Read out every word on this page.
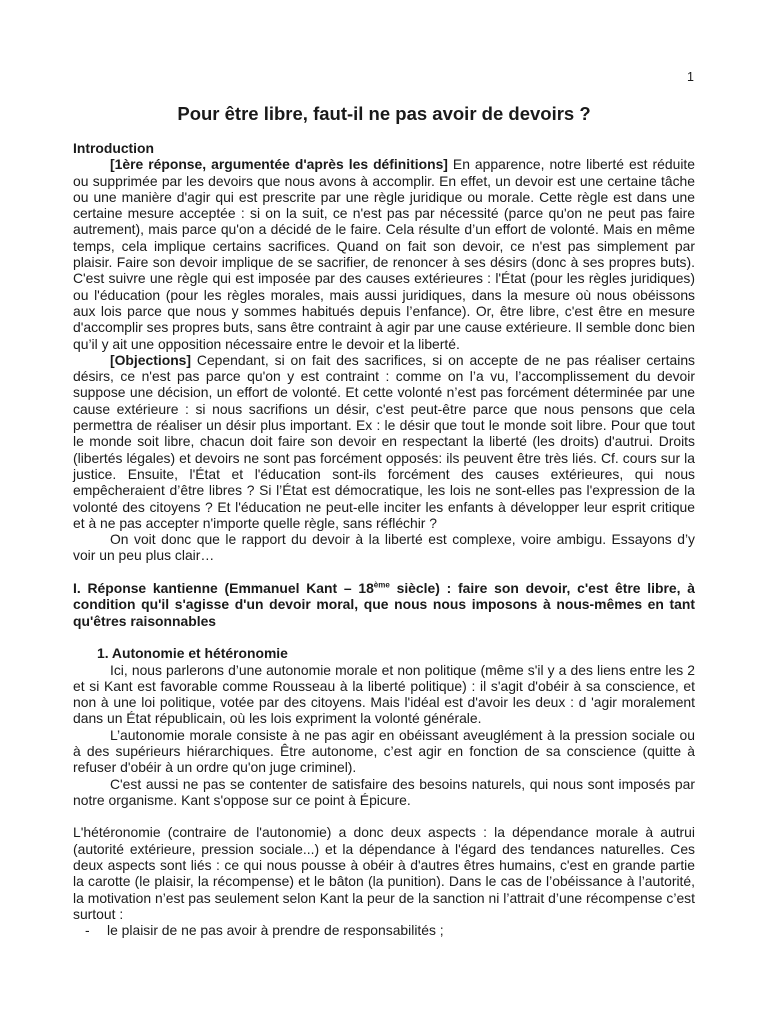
1
Pour être libre, faut-il ne pas avoir de devoirs ?

Introduction

[1ère réponse, argumentée d'après les définitions] En apparence, notre liberté est réduite ou supprimée par les devoirs que nous avons à accomplir. En effet, un devoir est une certaine tâche ou une manière d'agir qui est prescrite par une règle juridique ou morale. Cette règle est dans une certaine mesure acceptée : si on la suit, ce n'est pas par nécessité (parce qu'on ne peut pas faire autrement), mais parce qu'on a décidé de le faire. Cela résulte d’un effort de volonté. Mais en même temps, cela implique certains sacrifices. Quand on fait son devoir, ce n'est pas simplement par plaisir. Faire son devoir implique de se sacrifier, de renoncer à ses désirs (donc à ses propres buts). C'est suivre une règle qui est imposée par des causes extérieures : l'État (pour les règles juridiques) ou l'éducation (pour les règles morales, mais aussi juridiques, dans la mesure où nous obéissons aux lois parce que nous y sommes habitués depuis l’enfance). Or, être libre, c'est être en mesure d'accomplir ses propres buts, sans être contraint à agir par une cause extérieure. Il semble donc bien qu’il y ait une opposition nécessaire entre le devoir et la liberté.

[Objections] Cependant, si on fait des sacrifices, si on accepte de ne pas réaliser certains désirs, ce n'est pas parce qu'on y est contraint : comme on l’a vu, l’accomplissement du devoir suppose une décision, un effort de volonté. Et cette volonté n’est pas forcément déterminée par une cause extérieure : si nous sacrifions un désir, c'est peut-être parce que nous pensons que cela permettra de réaliser un désir plus important. Ex : le désir que tout le monde soit libre. Pour que tout le monde soit libre, chacun doit faire son devoir en respectant la liberté (les droits) d'autrui. Droits (libertés légales) et devoirs ne sont pas forcément opposés: ils peuvent être très liés. Cf. cours sur la justice. Ensuite, l'État et l'éducation sont-ils forcément des causes extérieures, qui nous empêcheraient d’être libres ? Si l’État est démocratique, les lois ne sont-elles pas l'expression de la volonté des citoyens ? Et l'éducation ne peut-elle inciter les enfants à développer leur esprit critique et à ne pas accepter n'importe quelle règle, sans réfléchir ?

On voit donc que le rapport du devoir à la liberté est complexe, voire ambigu. Essayons d’y voir un peu plus clair…

I. Réponse kantienne (Emmanuel Kant – 18ème siècle) : faire son devoir, c'est être libre, à condition qu'il s'agisse d'un devoir moral, que nous nous imposons à nous-mêmes en tant qu'êtres raisonnables

1. Autonomie et hétéronomie

Ici, nous parlerons d’une autonomie morale et non politique (même s'il y a des liens entre les 2 et si Kant est favorable comme Rousseau à la liberté politique) : il s'agit d'obéir à sa conscience, et non à une loi politique, votée par des citoyens. Mais l'idéal est d'avoir les deux : d 'agir moralement dans un État républicain, où les lois expriment la volonté générale.

L’autonomie morale consiste à ne pas agir en obéissant aveuglément à la pression sociale ou à des supérieurs hiérarchiques. Être autonome, c’est agir en fonction de sa conscience (quitte à refuser d'obéir à un ordre qu'on juge criminel).

C'est aussi ne pas se contenter de satisfaire des besoins naturels, qui nous sont imposés par notre organisme. Kant s'oppose sur ce point à Épicure.

L'hétéronomie (contraire de l'autonomie) a donc deux aspects : la dépendance morale à autrui (autorité extérieure, pression sociale...) et la dépendance à l'égard des tendances naturelles. Ces deux aspects sont liés : ce qui nous pousse à obéir à d'autres êtres humains, c'est en grande partie la carotte (le plaisir, la récompense) et le bâton (la punition). Dans le cas de l’obéissance à l’autorité, la motivation n’est pas seulement selon Kant la peur de la sanction ni l’attrait d’une récompense c’est surtout :

-	le plaisir de ne pas avoir à prendre de responsabilités ;
